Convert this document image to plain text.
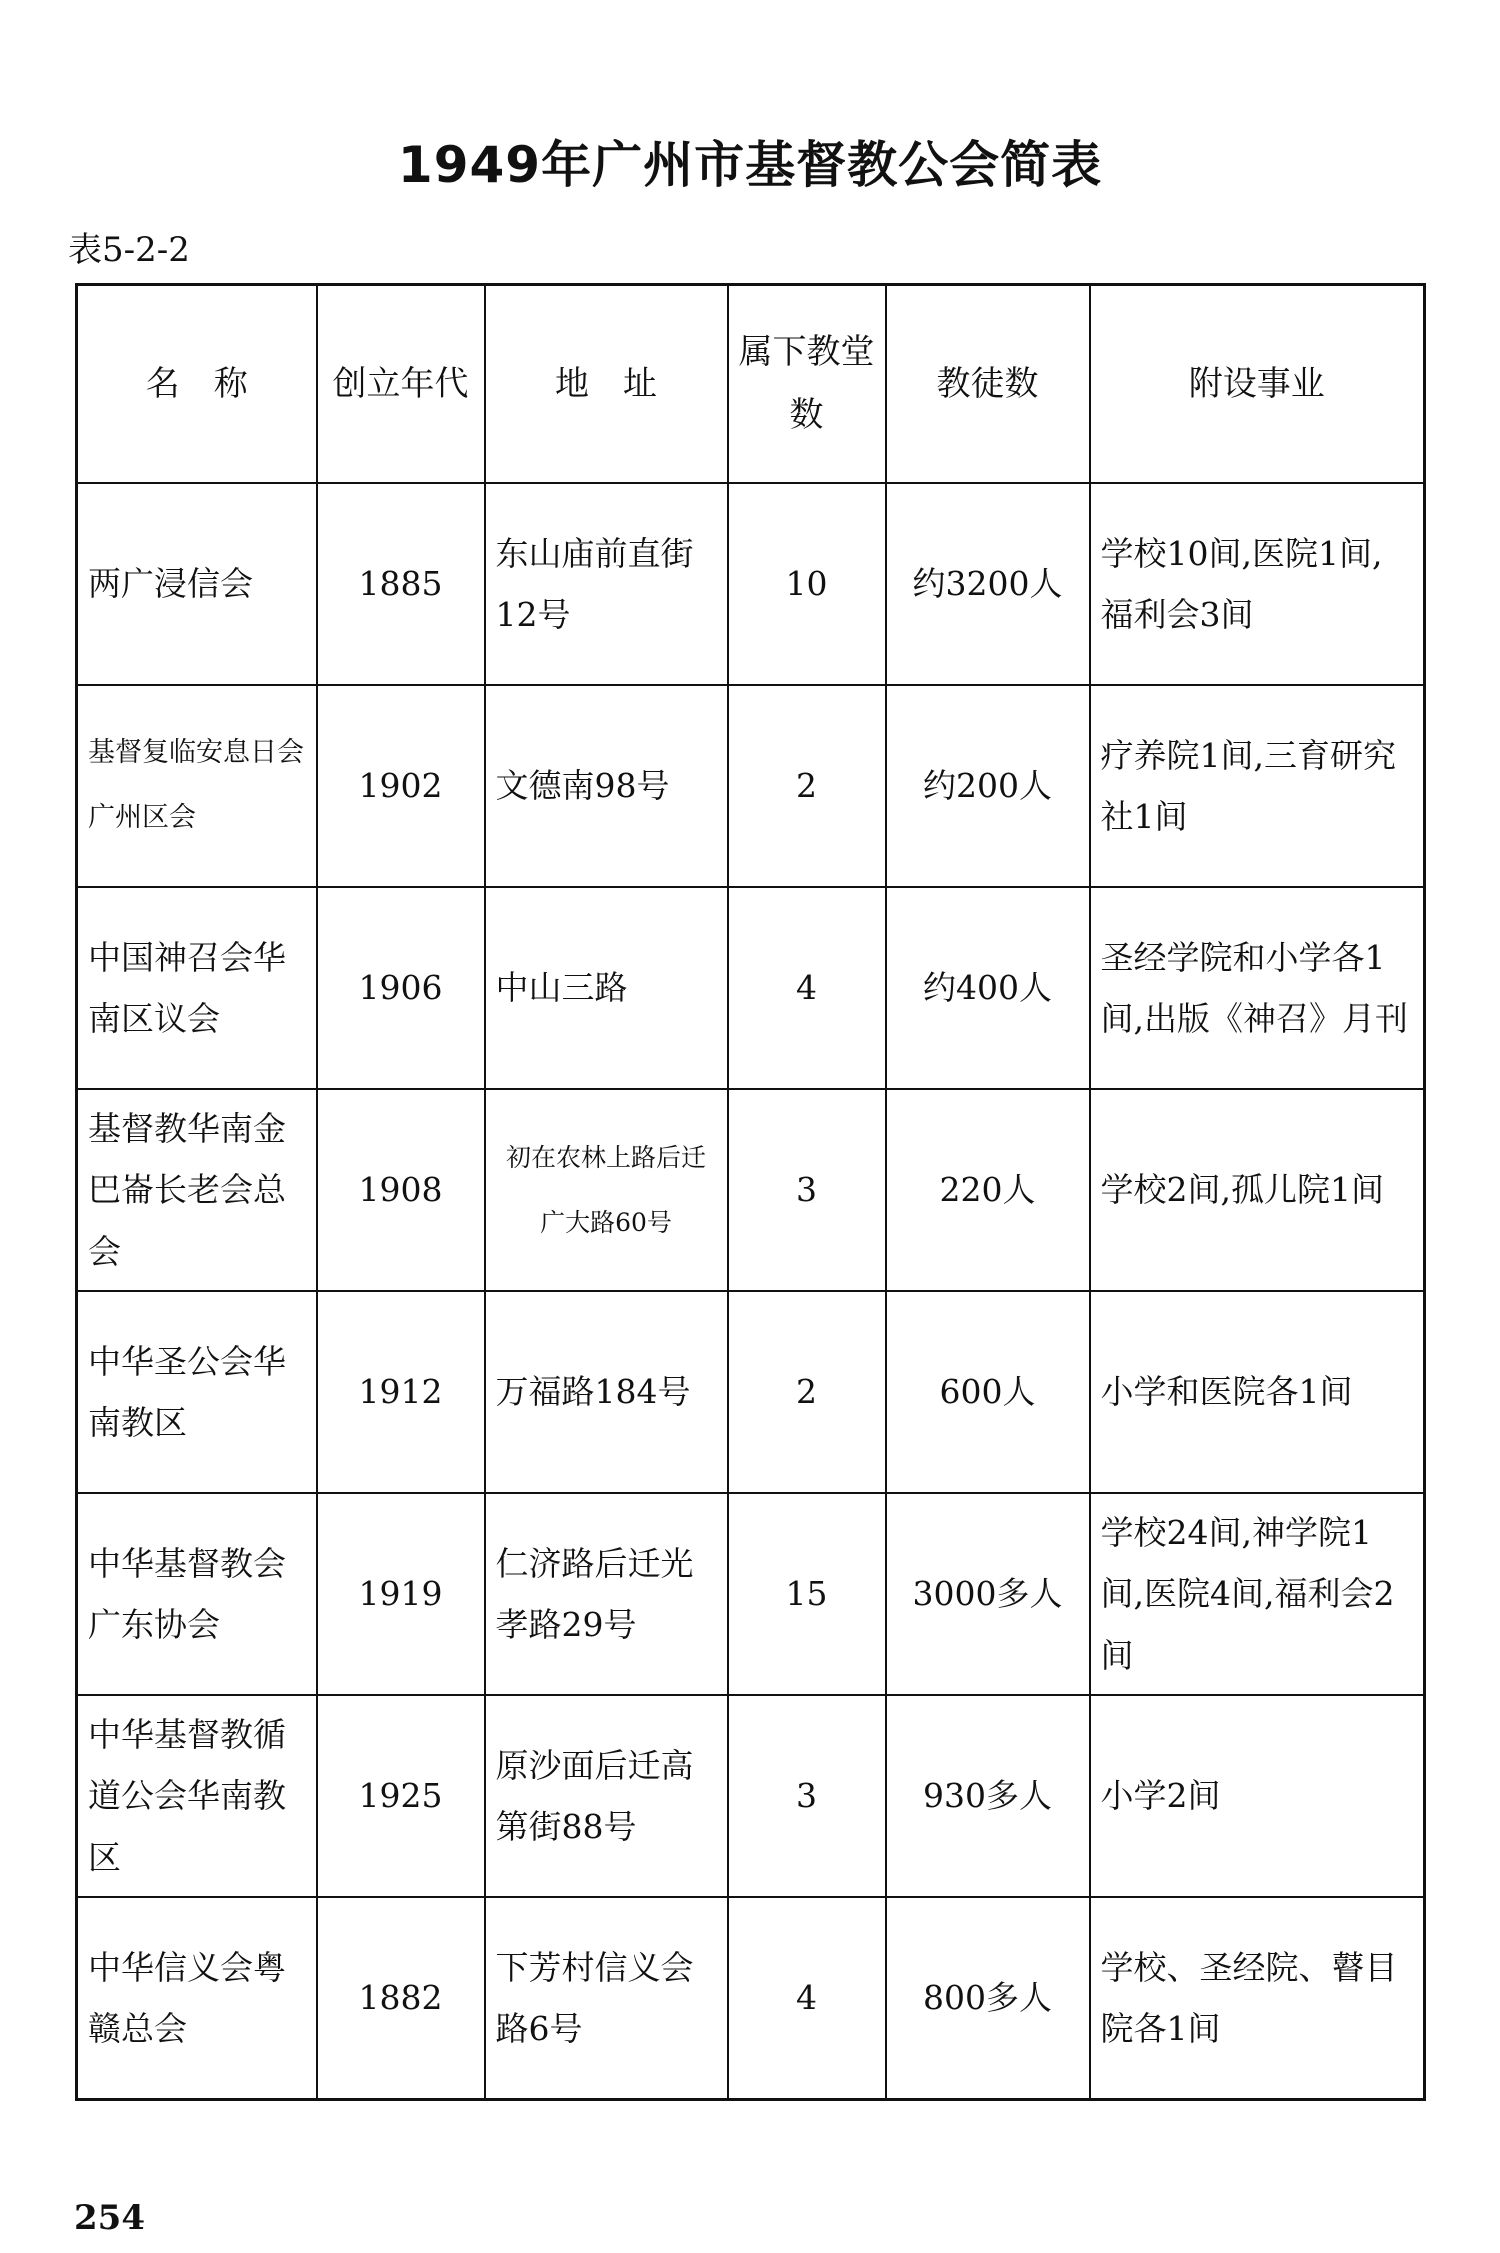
1949年广州市基督教公会简表
表5-2-2
名　称	创立年代	地　址	属下教堂数	教徒数	附设事业
两广浸信会	1885	东山庙前直街12号	10	约3200人	学校10间,医院1间,福利会3间
基督复临安息日会广州区会	1902	文德南98号	2	约200人	疗养院1间,三育研究社1间
中国神召会华南区议会	1906	中山三路	4	约400人	圣经学院和小学各1间,出版《神召》月刊
基督教华南金巴崙长老会总会	1908	初在农林上路后迁广大路60号	3	220人	学校2间,孤儿院1间
中华圣公会华南教区	1912	万福路184号	2	600人	小学和医院各1间
中华基督教会广东协会	1919	仁济路后迁光孝路29号	15	3000多人	学校24间,神学院1间,医院4间,福利会2间
中华基督教循道公会华南教区	1925	原沙面后迁高第街88号	3	930多人	小学2间
中华信义会粤赣总会	1882	下芳村信义会路6号	4	800多人	学校、圣经院、瞽目院各1间
254
